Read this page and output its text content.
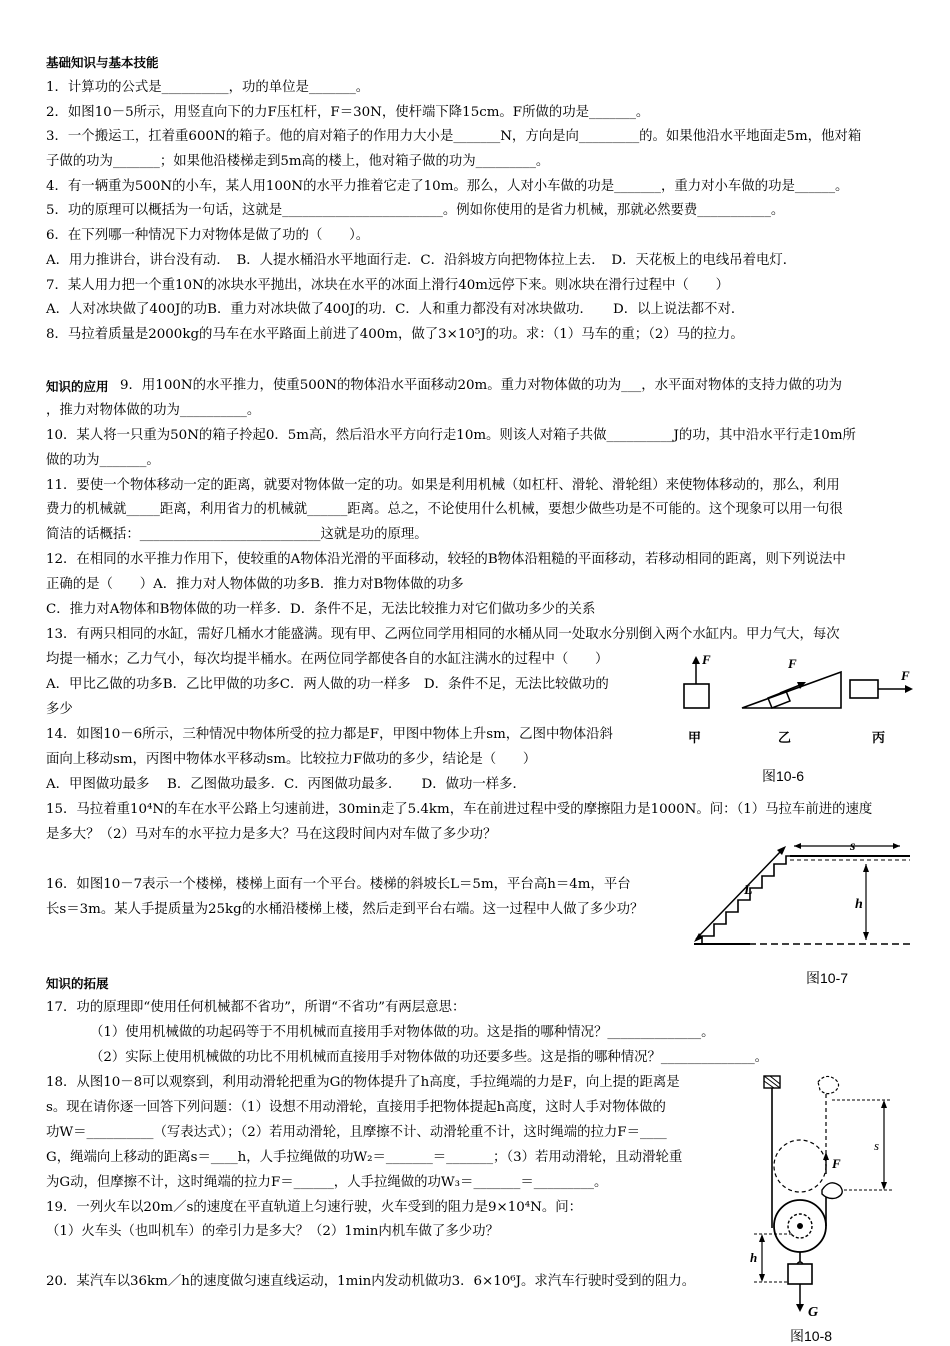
基础知识与基本技能
知识的应用
知识的拓展
1．计算功的公式是__________，功的单位是_______。
2．如图10－5所示，用竖直向下的力F压杠杆，F＝30N，使杆端下降15cm。F所做的功是_______。
3．一个搬运工，扛着重600N的箱子。他的肩对箱子的作用力大小是_______N，方向是向_________的。如果他沿水平地面走5m，他对箱
子做的功为_______；如果他沿楼梯走到5m高的楼上，他对箱子做的功为_________。
4．有一辆重为500N的小车，某人用100N的水平力推着它走了10m。那么，人对小车做的功是_______，重力对小车做的功是______。
5．功的原理可以概括为一句话，这就是________________________。例如你使用的是省力机械，那就必然要费___________。
6．在下列哪一种情况下力对物体是做了功的（　　）。
A．用力推讲台，讲台没有动．　B．人提水桶沿水平地面行走．C．沿斜坡方向把物体拉上去．　D．天花板上的电线吊着电灯．
7．某人用力把一个重10N的冰块水平抛出，冰块在水平的冰面上滑行40m远停下来。则冰块在滑行过程中（　　）
A．人对冰块做了400J的功B．重力对冰块做了400J的功．C．人和重力都没有对冰块做功．　　D．以上说法都不对．
8．马拉着质量是2000kg的马车在水平路面上前进了400m，做了3×10⁵J的功。求：（1）马车的重；（2）马的拉力。
9．用100N的水平推力，使重500N的物体沿水平面移动20m。重力对物体做的功为___，水平面对物体的支持力做的功为
，推力对物体做的功为__________。
10．某人将一只重为50N的箱子拎起0．5m高，然后沿水平方向行走10m。则该人对箱子共做__________J的功，其中沿水平行走10m所
做的功为_______。
11．要使一个物体移动一定的距离，就要对物体做一定的功。如果是利用机械（如杠杆、滑轮、滑轮组）来使物体移动的，那么，利用
费力的机械就_____距离，利用省力的机械就______距离。总之，不论使用什么机械，要想少做些功是不可能的。这个现象可以用一句很
简洁的话概括：___________________________这就是功的原理。
12．在相同的水平推力作用下，使较重的A物体沿光滑的平面移动，较轻的B物体沿粗糙的平面移动，若移动相同的距离，则下列说法中
正确的是（　　）A．推力对人物体做的功多B．推力对B物体做的功多
C．推力对A物体和B物体做的功一样多．D．条件不足，无法比较推力对它们做功多少的关系
13．有两只相同的水缸，需好几桶水才能盛满。现有甲、乙两位同学用相同的水桶从同一处取水分别倒入两个水缸内。甲力气大，每次
均提一桶水；乙力气小，每次均提半桶水。在两位同学都使各自的水缸注满水的过程中（　　）
A．甲比乙做的功多B．乙比甲做的功多C．两人做的功一样多　D．条件不足，无法比较做功的
多少
14．如图10－6所示，三种情况中物体所受的拉力都是F，甲图中物体上升sm，乙图中物体沿斜
面向上移动sm，丙图中物体水平移动sm。比较拉力F做功的多少，结论是（　　）
A．甲图做功最多　 B．乙图做功最多．C．丙图做功最多．　　D．做功一样多．
15．马拉着重10⁴N的车在水平公路上匀速前进，30min走了5.4km，车在前进过程中受的摩擦阻力是1000N。问：（1）马拉车前进的速度
是多大？（2）马对车的水平拉力是多大？马在这段时间内对车做了多少功？
16．如图10－7表示一个楼梯，楼梯上面有一个平台。楼梯的斜坡长L＝5m，平台高h＝4m，平台
长s＝3m。某人手提质量为25kg的水桶沿楼梯上楼，然后走到平台右端。这一过程中人做了多少功？
17．功的原理即“使用任何机械都不省功”，所谓“不省功”有两层意思：
（1）使用机械做的功起码等于不用机械而直接用手对物体做的功。这是指的哪种情况？______________。
（2）实际上使用机械做的功比不用机械而直接用手对物体做的功还要多些。这是指的哪种情况？______________。
18．从图10－8可以观察到，利用动滑轮把重为G的物体提升了h高度，手拉绳端的力是F，向上提的距离是
s。现在请你逐一回答下列问题：（1）设想不用动滑轮，直接用手把物体提起h高度，这时人手对物体做的
功W＝__________（写表达式）；（2）若用动滑轮，且摩擦不计、动滑轮重不计，这时绳端的拉力F＝____
G，绳端向上移动的距离s＝____h，人手拉绳做的功W₂＝_______＝_______；（3）若用动滑轮，且动滑轮重
为G动，但摩擦不计，这时绳端的拉力F＝______，人手拉绳做的功W₃＝_______＝_________。
19．一列火车以20m／s的速度在平直轨道上匀速行驶，火车受到的阻力是9×10⁴N。问：
（1）火车头（也叫机车）的牵引力是多大？（2）1min内机车做了多少功？
20．某汽车以36km／h的速度做匀速直线运动，1min内发动机做功3．6×10⁶J。求汽车行驶时受到的阻力。
F	F
F
甲	乙	丙
图10-6
L
s
h
图10-7
F
G
s
h
图10-8
